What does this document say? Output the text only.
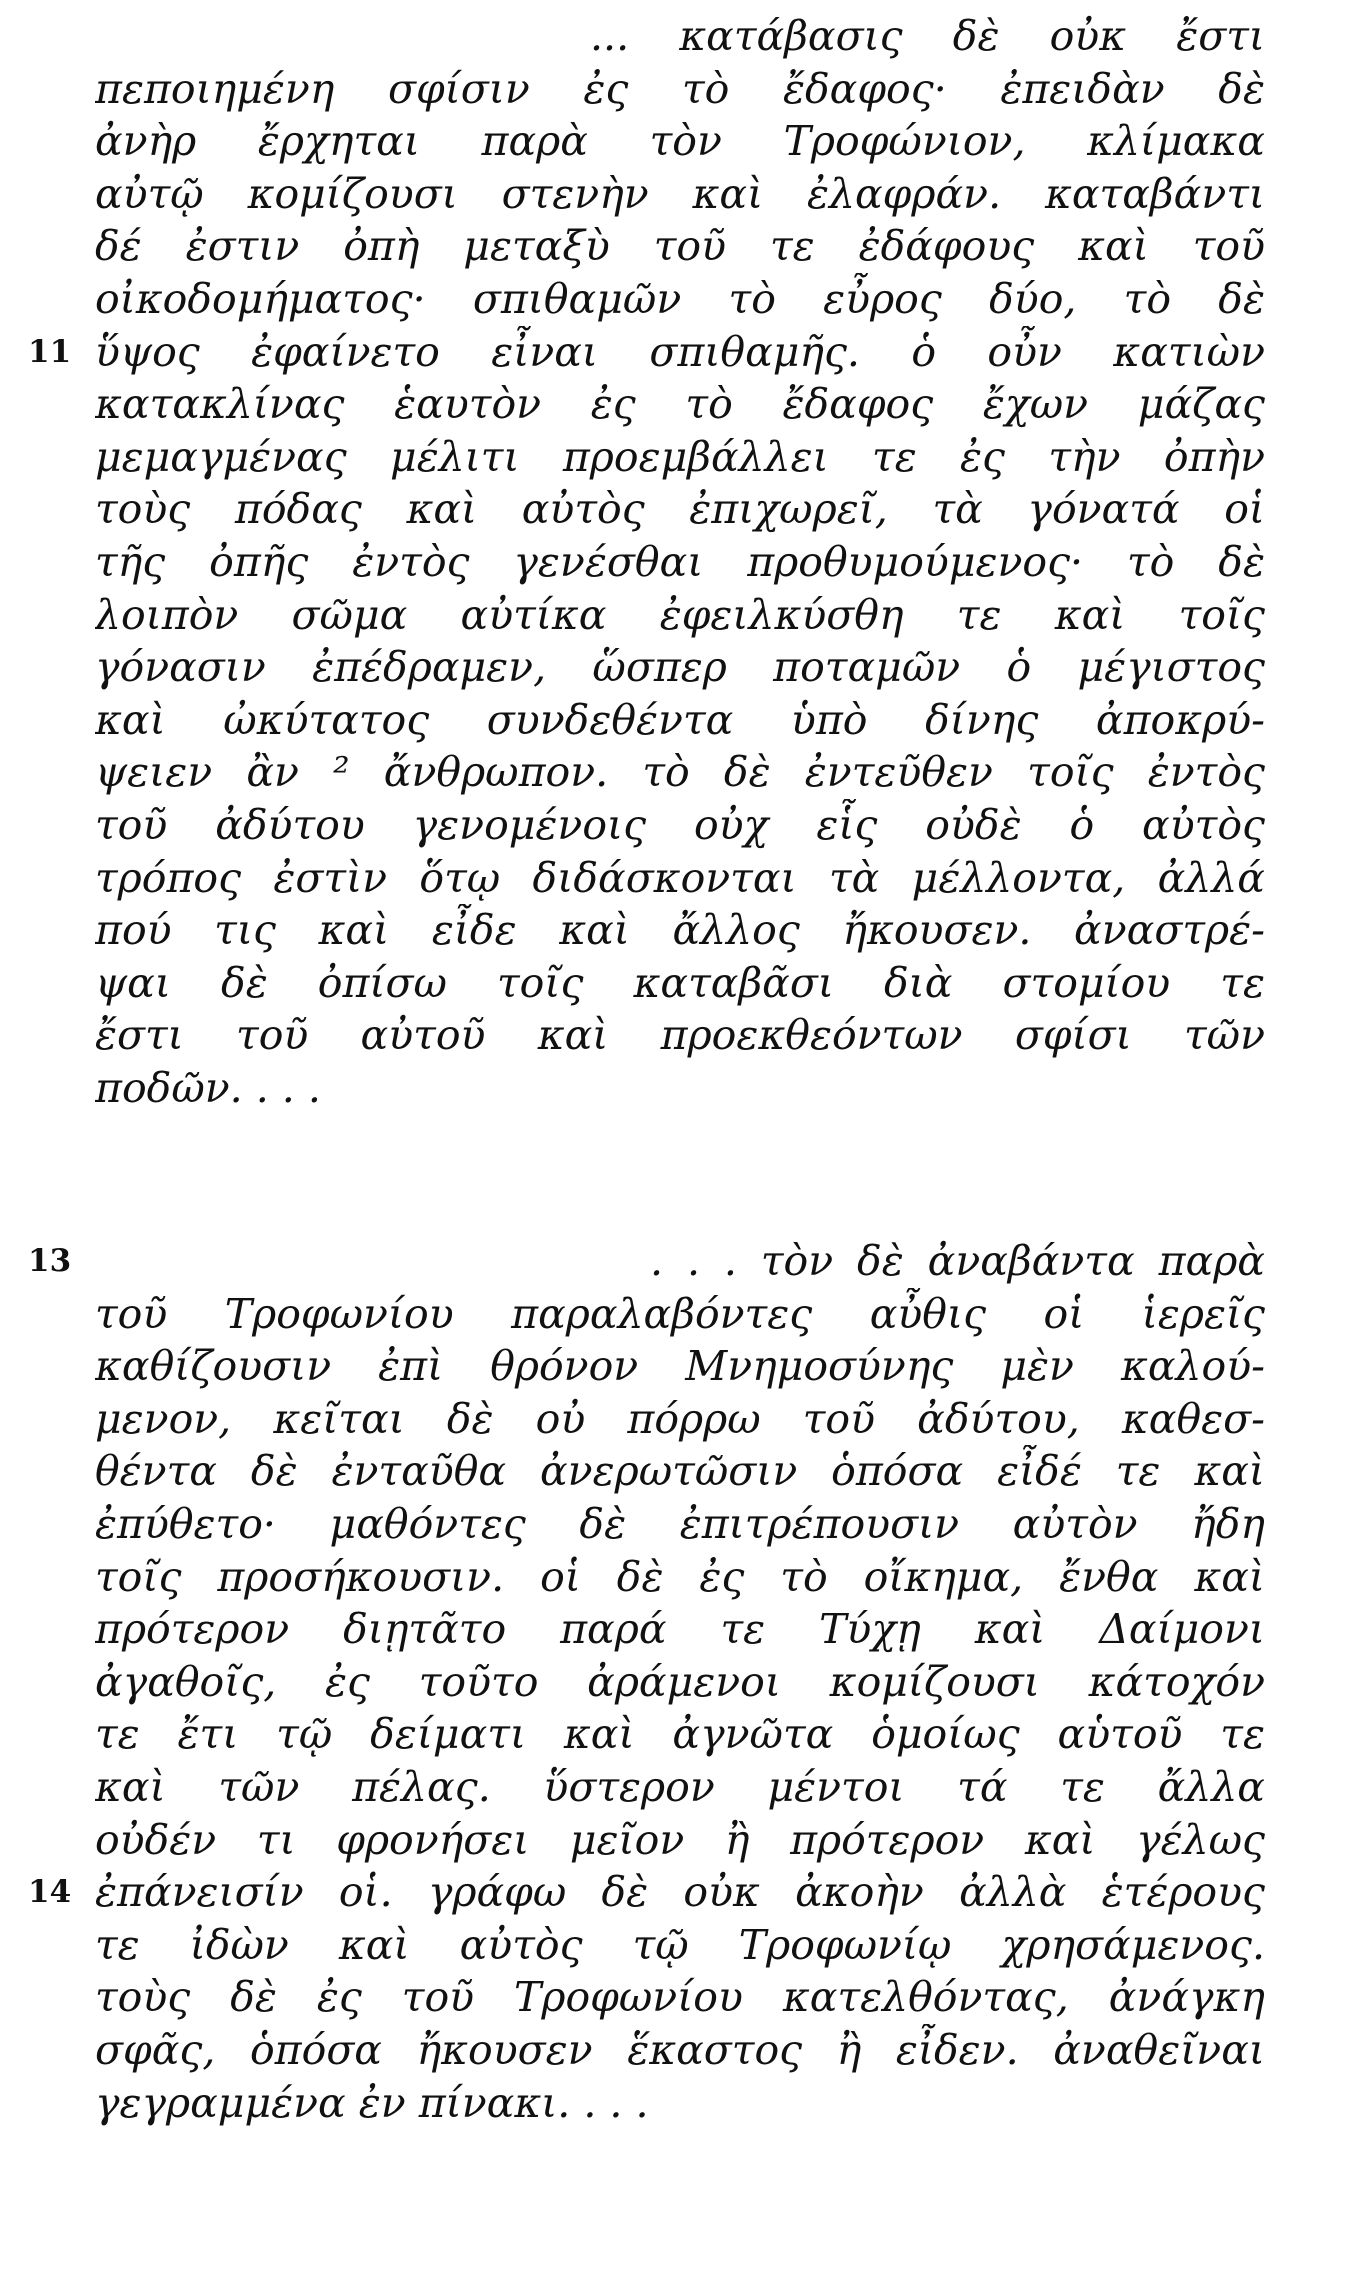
... κατάβασις δὲ οὐκ ἔστι
πεποιημένη σφίσιν ἐς τὸ ἔδαφος· ἐπειδὰν δὲ
ἀνὴρ ἔρχηται παρὰ τὸν Τροφώνιον, κλίμακα
αὐτῷ κομίζουσι στενὴν καὶ ἐλαφράν. καταβάντι
δέ ἐστιν ὀπὴ μεταξὺ τοῦ τε ἐδάφους καὶ τοῦ
οἰκοδομήματος· σπιθαμῶν τὸ εὖρος δύο, τὸ δὲ
11 ὕψος ἐφαίνετο εἶναι σπιθαμῆς. ὁ οὖν κατιὼν
κατακλίνας ἑαυτὸν ἐς τὸ ἔδαφος ἔχων μάζας
μεμαγμένας μέλιτι προεμβάλλει τε ἐς τὴν ὀπὴν
τοὺς πόδας καὶ αὐτὸς ἐπιχωρεῖ, τὰ γόνατά οἱ
τῆς ὀπῆς ἐντὸς γενέσθαι προθυμούμενος· τὸ δὲ
λοιπὸν σῶμα αὐτίκα ἐφειλκύσθη τε καὶ τοῖς
γόνασιν ἐπέδραμεν, ὥσπερ ποταμῶν ὁ μέγιστος
καὶ ὠκύτατος συνδεθέντα ὑπὸ δίνης ἀποκρύ-
ψειεν ἂν ² ἄνθρωπον. τὸ δὲ ἐντεῦθεν τοῖς ἐντὸς
τοῦ ἀδύτου γενομένοις οὐχ εἷς οὐδὲ ὁ αὐτὸς
τρόπος ἐστὶν ὅτῳ διδάσκονται τὰ μέλλοντα, ἀλλά
πού τις καὶ εἶδε καὶ ἄλλος ἤκουσεν. ἀναστρέ-
ψαι δὲ ὀπίσω τοῖς καταβᾶσι διὰ στομίου τε
ἔστι τοῦ αὐτοῦ καὶ προεκθεόντων σφίσι τῶν
ποδῶν. . . .
13	. . . τὸν δὲ ἀναβάντα παρὰ
τοῦ Τροφωνίου παραλαβόντες αὖθις οἱ ἱερεῖς
καθίζουσιν ἐπὶ θρόνον Μνημοσύνης μὲν καλού-
μενον, κεῖται δὲ οὐ πόρρω τοῦ ἀδύτου, καθεσ-
θέντα δὲ ἐνταῦθα ἀνερωτῶσιν ὁπόσα εἶδέ τε καὶ
ἐπύθετο· μαθόντες δὲ ἐπιτρέπουσιν αὐτὸν ἤδη
τοῖς προσήκουσιν. οἱ δὲ ἐς τὸ οἴκημα, ἔνθα καὶ
πρότερον διῃτᾶτο παρά τε Τύχῃ καὶ Δαίμονι
ἀγαθοῖς, ἐς τοῦτο ἀράμενοι κομίζουσι κάτοχόν
τε ἔτι τῷ δείματι καὶ ἀγνῶτα ὁμοίως αὑτοῦ τε
καὶ τῶν πέλας. ὕστερον μέντοι τά τε ἄλλα
οὐδέν τι φρονήσει μεῖον ἢ πρότερον καὶ γέλως
14 ἐπάνεισίν οἱ. γράφω δὲ οὐκ ἀκοὴν ἀλλὰ ἑτέρους
τε ἰδὼν καὶ αὐτὸς τῷ Τροφωνίῳ χρησάμενος.
τοὺς δὲ ἐς τοῦ Τροφωνίου κατελθόντας, ἀνάγκη
σφᾶς, ὁπόσα ἤκουσεν ἕκαστος ἢ εἶδεν. ἀναθεῖναι
γεγραμμένα ἐν πίνακι. . . .
